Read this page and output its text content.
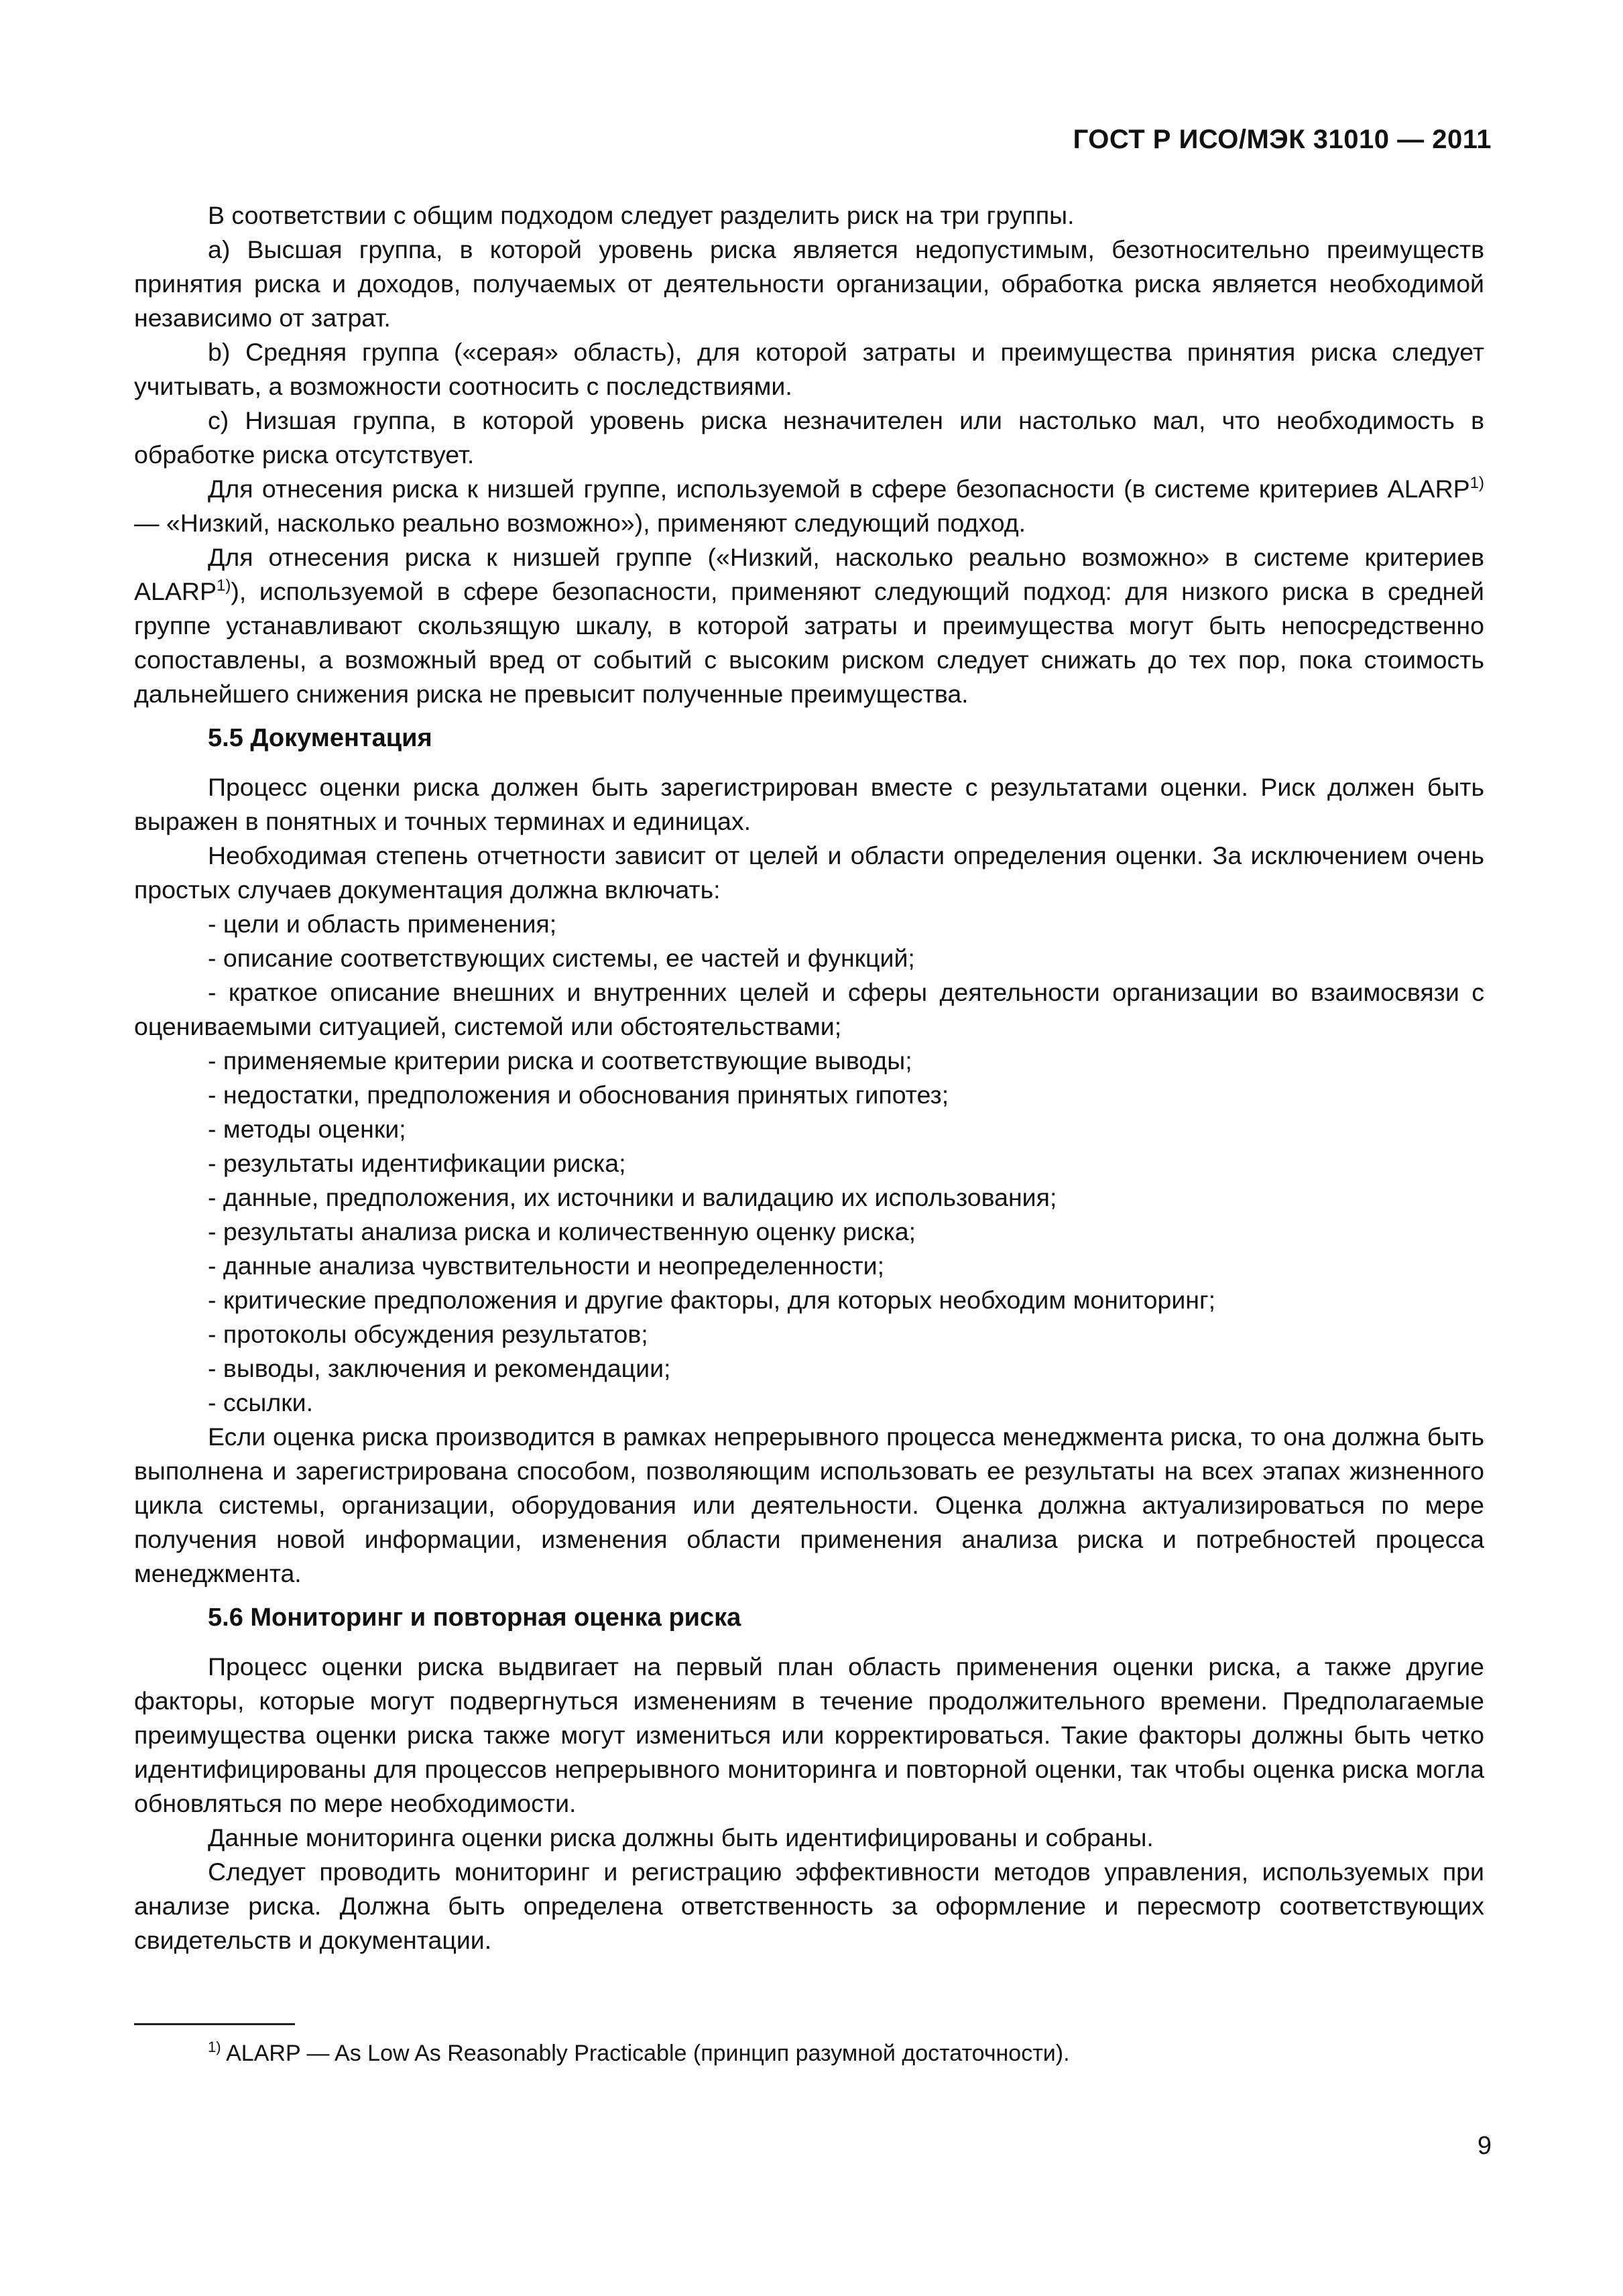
ГОСТ Р ИСО/МЭК 31010 — 2011

В соответствии с общим подходом следует разделить риск на три группы.

a) Высшая группа, в которой уровень риска является недопустимым, безотносительно преимуществ принятия риска и доходов, получаемых от деятельности организации, обработка риска является необходимой независимо от затрат.

b) Средняя группа («серая» область), для которой затраты и преимущества принятия риска следует учитывать, а возможности соотносить с последствиями.

c) Низшая группа, в которой уровень риска незначителен или настолько мал, что необходимость в обработке риска отсутствует.

Для отнесения риска к низшей группе, используемой в сфере безопасности (в системе критериев ALARP$^{1)}$ — «Низкий, насколько реально возможно»), применяют следующий подход.

Для отнесения риска к низшей группе («Низкий, насколько реально возможно» в системе критериев ALARP$^{1)}$), используемой в сфере безопасности, применяют следующий подход: для низкого риска в средней группе устанавливают скользящую шкалу, в которой затраты и преимущества могут быть непосредственно сопоставлены, а возможный вред от событий с высоким риском следует снижать до тех пор, пока стоимость дальнейшего снижения риска не превысит полученные преимущества.

5.5 Документация

Процесс оценки риска должен быть зарегистрирован вместе с результатами оценки. Риск должен быть выражен в понятных и точных терминах и единицах.

Необходимая степень отчетности зависит от целей и области определения оценки. За исключением очень простых случаев документация должна включать:

- цели и область применения;
- описание соответствующих системы, ее частей и функций;
- краткое описание внешних и внутренних целей и сферы деятельности организации во взаимосвязи с оцениваемыми ситуацией, системой или обстоятельствами;
- применяемые критерии риска и соответствующие выводы;
- недостатки, предположения и обоснования принятых гипотез;
- методы оценки;
- результаты идентификации риска;
- данные, предположения, их источники и валидацию их использования;
- результаты анализа риска и количественную оценку риска;
- данные анализа чувствительности и неопределенности;
- критические предположения и другие факторы, для которых необходим мониторинг;
- протоколы обсуждения результатов;
- выводы, заключения и рекомендации;
- ссылки.

Если оценка риска производится в рамках непрерывного процесса менеджмента риска, то она должна быть выполнена и зарегистрирована способом, позволяющим использовать ее результаты на всех этапах жизненного цикла системы, организации, оборудования или деятельности. Оценка должна актуализироваться по мере получения новой информации, изменения области применения анализа риска и потребностей процесса менеджмента.

5.6 Мониторинг и повторная оценка риска

Процесс оценки риска выдвигает на первый план область применения оценки риска, а также другие факторы, которые могут подвергнуться изменениям в течение продолжительного времени. Предполагаемые преимущества оценки риска также могут измениться или корректироваться. Такие факторы должны быть четко идентифицированы для процессов непрерывного мониторинга и повторной оценки, так чтобы оценка риска могла обновляться по мере необходимости.

Данные мониторинга оценки риска должны быть идентифицированы и собраны.

Следует проводить мониторинг и регистрацию эффективности методов управления, используемых при анализе риска. Должна быть определена ответственность за оформление и пересмотр соответствующих свидетельств и документации.

$^{1)}$ ALARP — As Low As Reasonably Practicable (принцип разумной достаточности).
9
